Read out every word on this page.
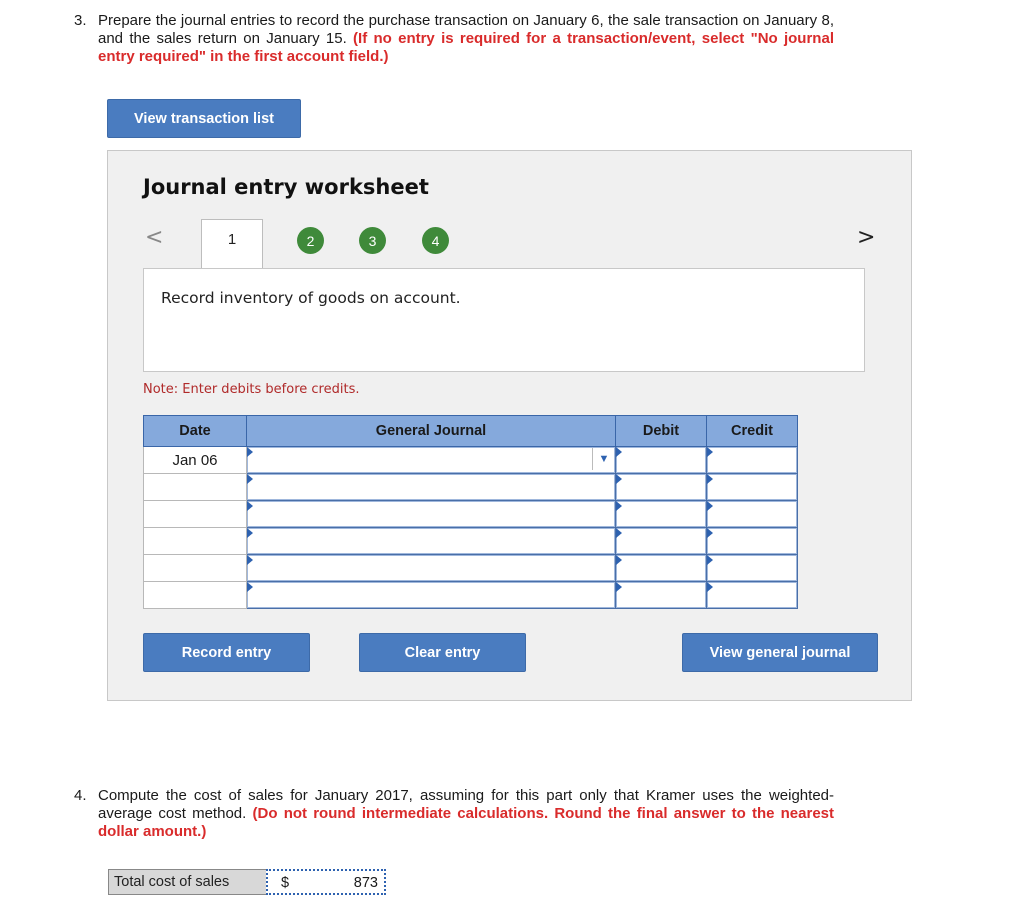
3. Prepare the journal entries to record the purchase transaction on January 6, the sale transaction on January 8, and the sales return on January 15. (If no entry is required for a transaction/event, select "No journal entry required" in the first account field.)
View transaction list
Journal entry worksheet
<	>
1	2	3	4
Record inventory of goods on account.
Note: Enter debits before credits.
Date	General Journal	Debit	Credit
Jan 06	▼		

Record entry	Clear entry	View general journal
4. Compute the cost of sales for January 2017, assuming for this part only that Kramer uses the weighted-average cost method. (Do not round intermediate calculations. Round the final answer to the nearest dollar amount.)
Total cost of sales	$	873
